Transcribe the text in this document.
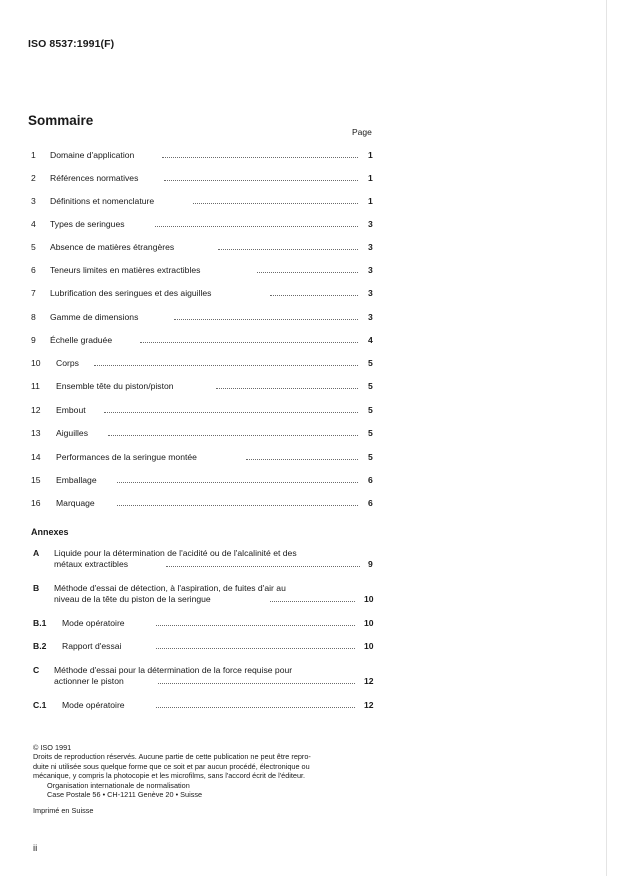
ISO 8537:1991(F)
Sommaire
Page
1 Domaine d'application	1
2 Références normatives	1
3 Définitions et nomenclature	1
4 Types de seringues	3
5 Absence de matières étrangères	3
6 Teneurs limites en matières extractibles	3
7 Lubrification des seringues et des aiguilles	3
8 Gamme de dimensions	3
9 Échelle graduée	4
10 Corps	5
11 Ensemble tête du piston/piston	5
12 Embout	5
13 Aiguilles	5
14 Performances de la seringue montée	5
15 Emballage	6
16 Marquage	6
Annexes
A Liquide pour la détermination de l'acidité ou de l'alcalinité et des
métaux extractibles	9
B Méthode d'essai de détection, à l'aspiration, de fuites d'air au
niveau de la tête du piston de la seringue	10
B.1 Mode opératoire	10
B.2 Rapport d'essai	10
C Méthode d'essai pour la détermination de la force requise pour
actionner le piston	12
C.1 Mode opératoire	12
© ISO 1991
Droits de reproduction réservés. Aucune partie de cette publication ne peut être repro-
duite ni utilisée sous quelque forme que ce soit et par aucun procédé, électronique ou
mécanique, y compris la photocopie et les microfilms, sans l'accord écrit de l'éditeur.
Organisation internationale de normalisation
Case Postale 56 • CH-1211 Genève 20 • Suisse
Imprimé en Suisse
ii
